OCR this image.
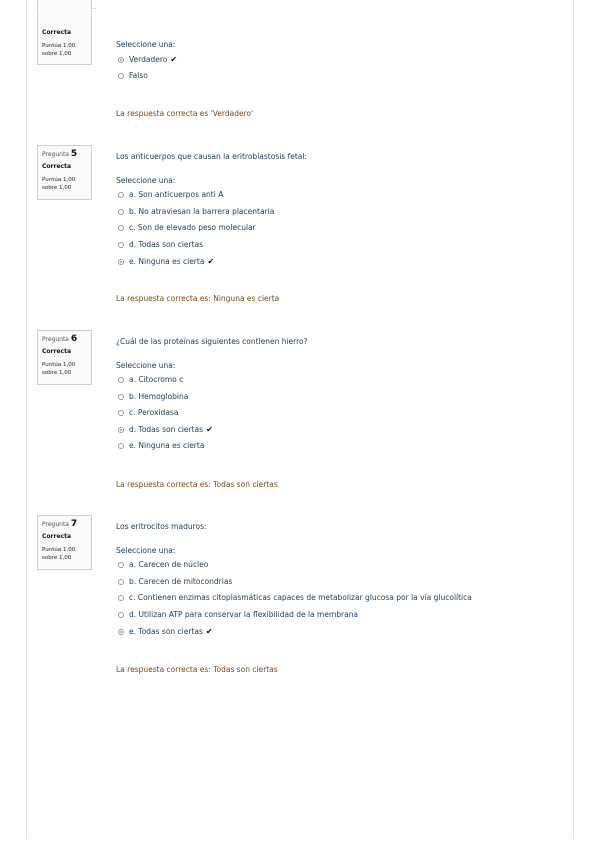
Correcta
Puntúa 1,00
sobre 1,00
Seleccione una:
Verdadero ✔
Falso
La respuesta correcta es 'Verdadero'
Pregunta 5
Correcta
Puntúa 1,00
sobre 1,00
Los anticuerpos que causan la eritroblastosis fetal:
Seleccione una:
a. Son anticuerpos anti A
b. No atraviesan la barrera placentaria
c. Son de elevado peso molecular
d. Todas son ciertas
e. Ninguna es cierta ✔
La respuesta correcta es: Ninguna es cierta
Pregunta 6
Correcta
Puntúa 1,00
sobre 1,00
¿Cuál de las proteínas siguientes contienen hierro?
Seleccione una:
a. Citocromo c
b. Hemoglobina
c. Peroxidasa
d. Todas son ciertas ✔
e. Ninguna es cierta
La respuesta correcta es: Todas son ciertas
Pregunta 7
Correcta
Puntúa 1,00
sobre 1,00
Los eritrocitos maduros:
Seleccione una:
a. Carecen de núcleo
b. Carecen de mitocondrias
c. Contienen enzimas citoplasmáticas capaces de metabolizar glucosa por la vía glucolítica
d. Utilizan ATP para conservar la flexibilidad de la membrana
e. Todas son ciertas ✔
La respuesta correcta es: Todas son ciertas
